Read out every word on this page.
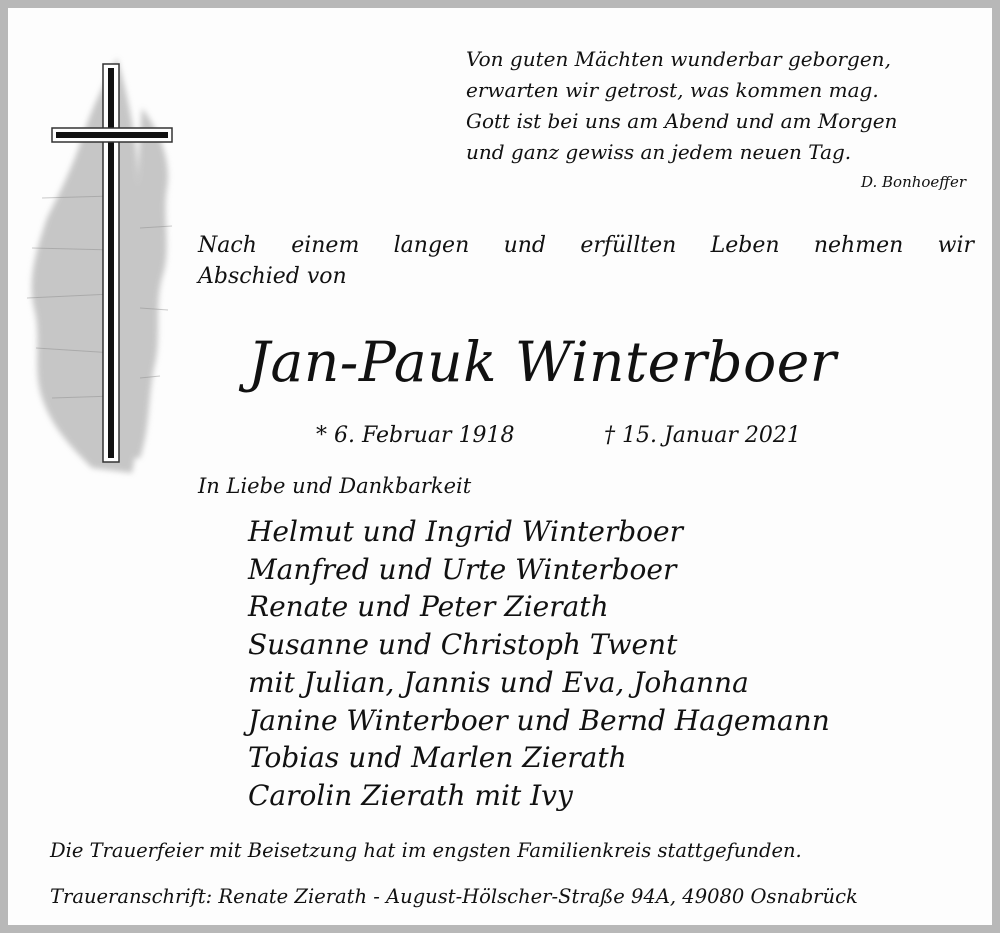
Von guten Mächten wunderbar geborgen,
erwarten wir getrost, was kommen mag.
Gott ist bei uns am Abend und am Morgen
und ganz gewiss an jedem neuen Tag.
D. Bonhoeffer
Nach einem langen und erfüllten Leben nehmen wir
Abschied von
Jan-Pauk Winterboer
* 6. Februar 1918	† 15. Januar 2021
In Liebe und Dankbarkeit
Helmut und Ingrid Winterboer
Manfred und Urte Winterboer
Renate und Peter Zierath
Susanne und Christoph Twent
mit Julian, Jannis und Eva, Johanna
Janine Winterboer und Bernd Hagemann
Tobias und Marlen Zierath
Carolin Zierath mit Ivy
Die Trauerfeier mit Beisetzung hat im engsten Familienkreis stattgefunden.
Traueranschrift: Renate Zierath - August-Hölscher-Straße 94A, 49080 Osnabrück
